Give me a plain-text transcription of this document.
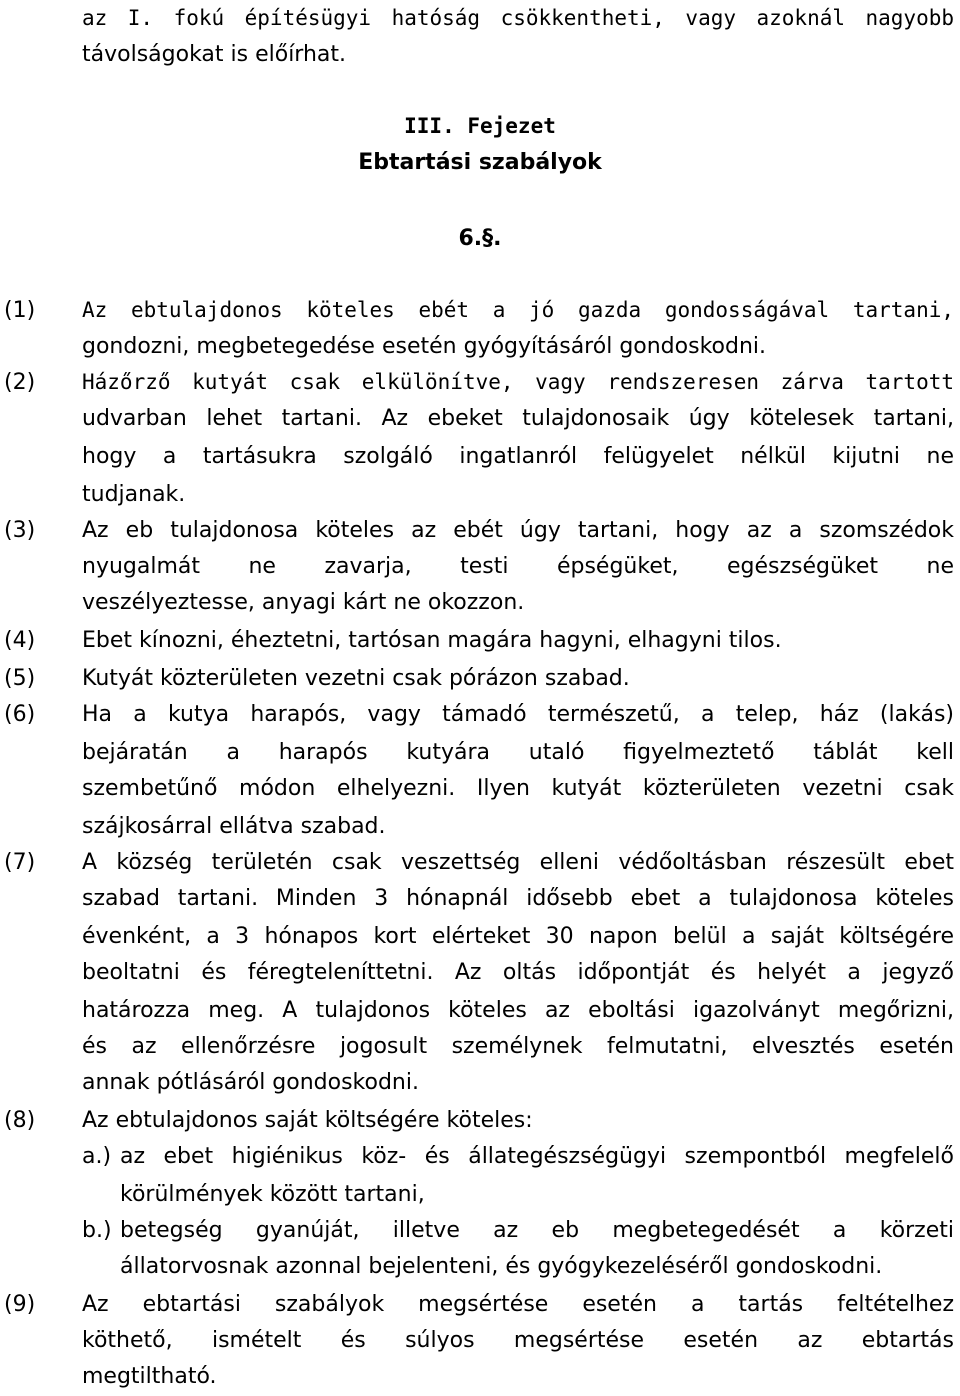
az I. fokú építésügyi hatóság csökkentheti, vagy azoknál nagyobb
távolságokat is előírhat.
III. Fejezet
Ebtartási szabályok
6.§.
(1) Az ebtulajdonos köteles ebét a jó gazda gondosságával tartani,
gondozni, megbetegedése esetén gyógyításáról gondoskodni.
(2) Házőrző kutyát csak elkülönítve, vagy rendszeresen zárva tartott
udvarban lehet tartani. Az ebeket tulajdonosaik úgy kötelesek tartani,
hogy a tartásukra szolgáló ingatlanról felügyelet nélkül kijutni ne
tudjanak.
(3) Az eb tulajdonosa köteles az ebét úgy tartani, hogy az a szomszédok
nyugalmát ne zavarja, testi épségüket, egészségüket ne
veszélyeztesse, anyagi kárt ne okozzon.
(4) Ebet kínozni, éheztetni, tartósan magára hagyni, elhagyni tilos.
(5) Kutyát közterületen vezetni csak pórázon szabad.
(6) Ha a kutya harapós, vagy támadó természetű, a telep, ház (lakás)
bejáratán a harapós kutyára utaló figyelmeztető táblát kell
szembetűnő módon elhelyezni. Ilyen kutyát közterületen vezetni csak
szájkosárral ellátva szabad.
(7) A község területén csak veszettség elleni védőoltásban részesült ebet
szabad tartani. Minden 3 hónapnál idősebb ebet a tulajdonosa köteles
évenként, a 3 hónapos kort elérteket 30 napon belül a saját költségére
beoltatni és féregteleníttetni. Az oltás időpontját és helyét a jegyző
határozza meg. A tulajdonos köteles az eboltási igazolványt megőrizni,
és az ellenőrzésre jogosult személynek felmutatni, elvesztés esetén
annak pótlásáról gondoskodni.
(8) Az ebtulajdonos saját költségére köteles:
a.) az ebet higiénikus köz- és állategészségügyi szempontból megfelelő
körülmények között tartani,
b.) betegség gyanúját, illetve az eb megbetegedését a körzeti
állatorvosnak azonnal bejelenteni, és gyógykezeléséről gondoskodni.
(9) Az ebtartási szabályok megsértése esetén a tartás feltételhez
köthető, ismételt és súlyos megsértése esetén az ebtartás
megtiltható.
